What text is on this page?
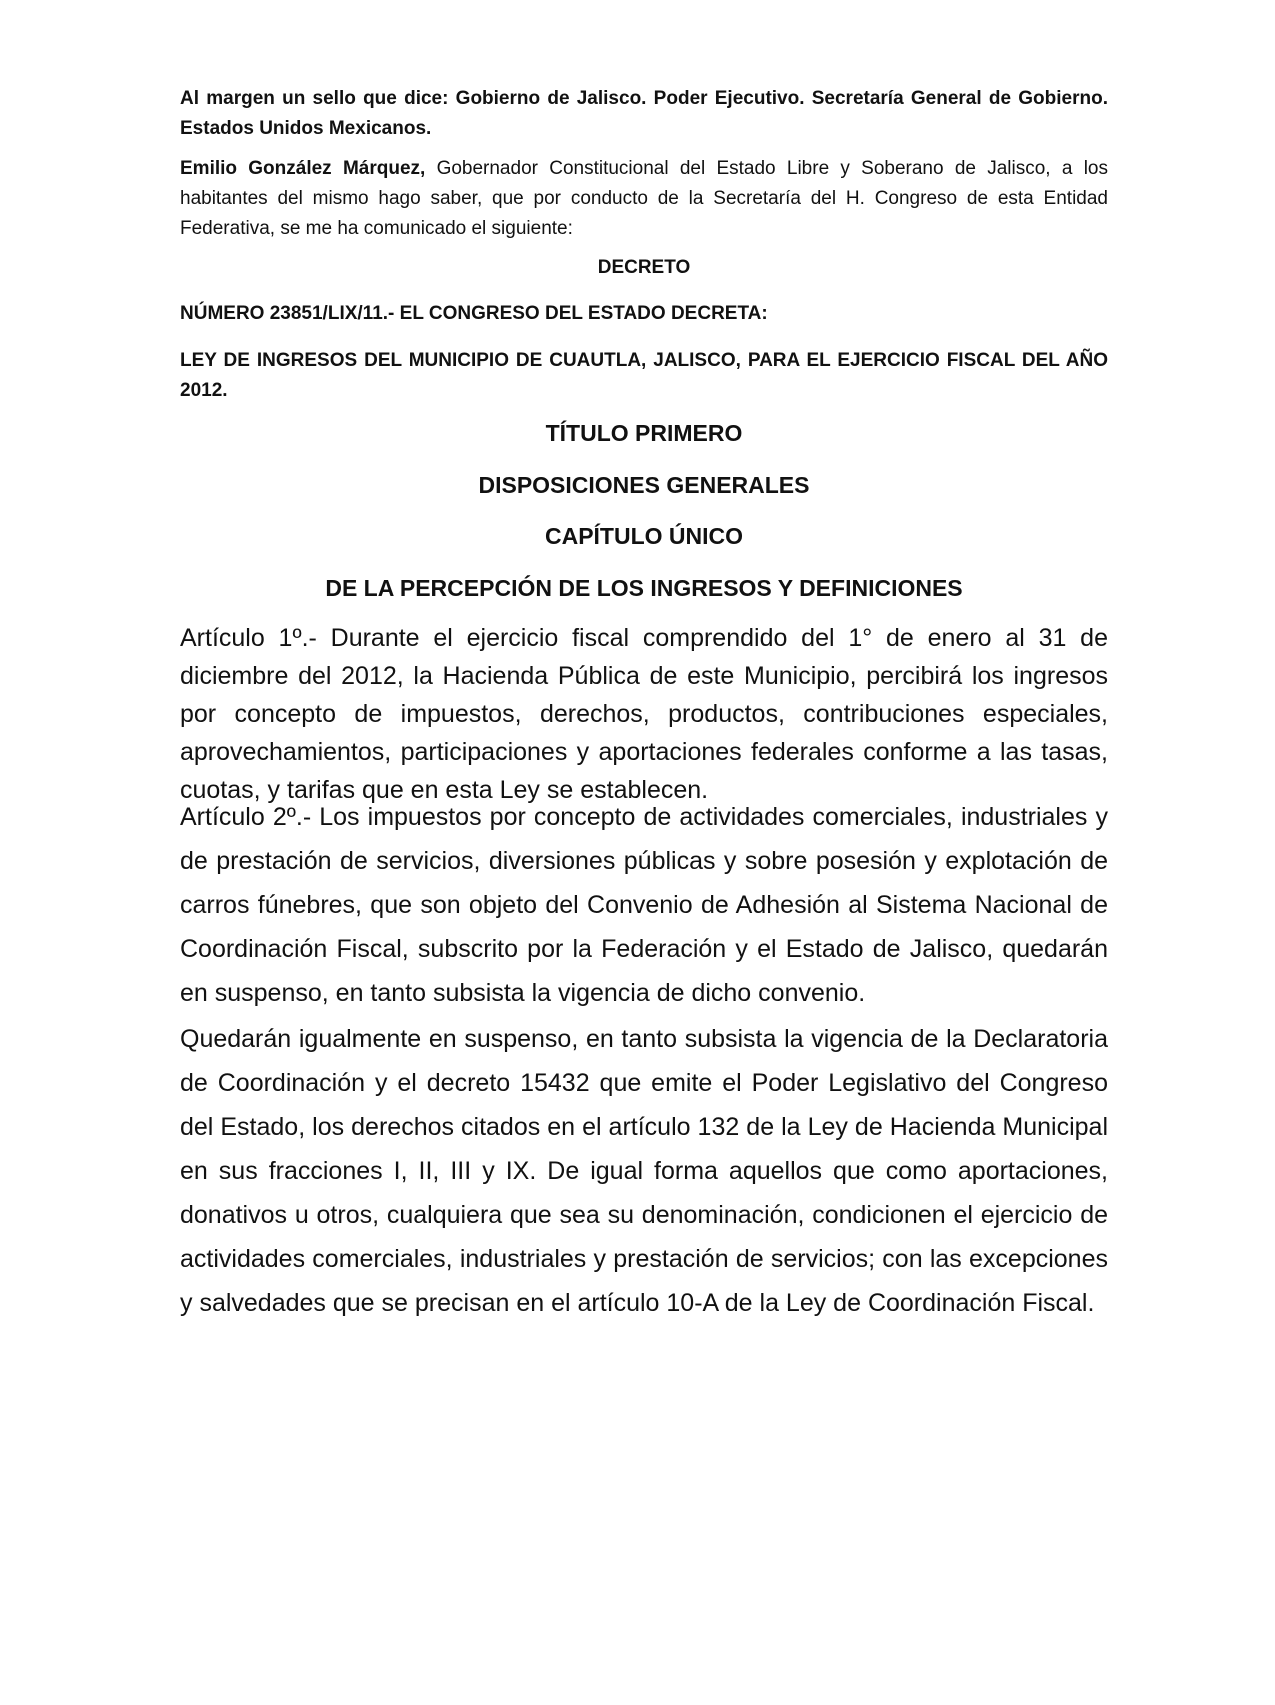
Al margen un sello que dice: Gobierno de Jalisco. Poder Ejecutivo. Secretaría General de Gobierno. Estados Unidos Mexicanos.

Emilio González Márquez, Gobernador Constitucional del Estado Libre y Soberano de Jalisco, a los habitantes del mismo hago saber, que por conducto de la Secretaría del H. Congreso de esta Entidad Federativa, se me ha comunicado el siguiente:

DECRETO

NÚMERO 23851/LIX/11.- EL CONGRESO DEL ESTADO DECRETA:

LEY DE INGRESOS DEL MUNICIPIO DE CUAUTLA, JALISCO, PARA EL EJERCICIO FISCAL DEL AÑO 2012.

TÍTULO PRIMERO

DISPOSICIONES GENERALES

CAPÍTULO ÚNICO

DE LA PERCEPCIÓN DE LOS INGRESOS Y DEFINICIONES

Artículo 1º.- Durante el ejercicio fiscal comprendido del 1° de enero al 31 de diciembre del 2012, la Hacienda Pública de este Municipio, percibirá los ingresos por concepto de impuestos, derechos, productos, contribuciones especiales, aprovechamientos, participaciones y aportaciones federales conforme a las tasas, cuotas, y tarifas que en esta Ley se establecen.

Artículo 2º.- Los impuestos por concepto de actividades comerciales, industriales y de prestación de servicios, diversiones públicas y sobre posesión y explotación de carros fúnebres, que son objeto del Convenio de Adhesión al Sistema Nacional de Coordinación Fiscal, subscrito por la Federación y el Estado de Jalisco, quedarán en suspenso, en tanto subsista la vigencia de dicho convenio.

Quedarán igualmente en suspenso, en tanto subsista la vigencia de la Declaratoria de Coordinación y el decreto 15432 que emite el Poder Legislativo del Congreso del Estado, los derechos citados en el artículo 132 de la Ley de Hacienda Municipal en sus fracciones I, II, III y IX. De igual forma aquellos que como aportaciones, donativos u otros, cualquiera que sea su denominación, condicionen el ejercicio de actividades comerciales, industriales y prestación de servicios; con las excepciones y salvedades que se precisan en el artículo 10-A de la Ley de Coordinación Fiscal.
